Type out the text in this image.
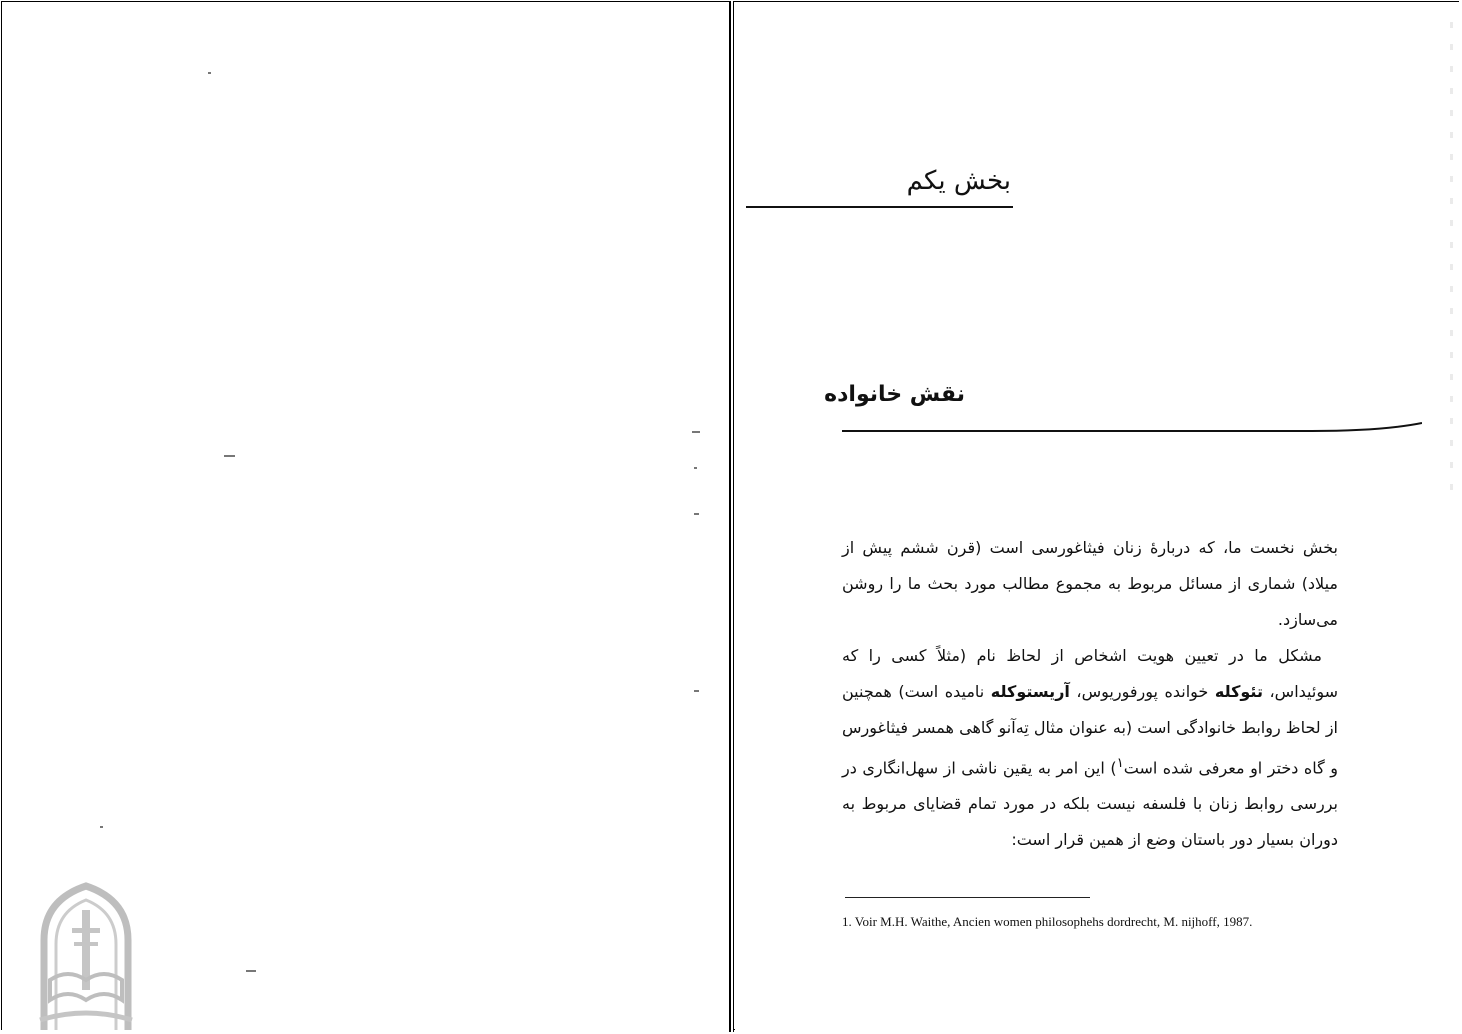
بخش یکم
نقش خانواده

بخش نخست ما، که دربارهٔ زنان فیثاغورسی است (قرن ششم پیش از میلاد) شماری از مسائل مربوط به مجموع مطالب مورد بحث ما را روشن می‌سازد.

مشکل ما در تعیین هویت اشخاص از لحاظ نام (مثلاً کسی را که سوئیداس، تئوکله خوانده پورفوریوس، آریستوکله نامیده است) همچنین از لحاظ روابط خانوادگی است (به عنوان مثال تِه‌آنو گاهی همسر فیثاغورس و گاه دختر او معرفی شده است$^۱$) این امر به یقین ناشی از سهل‌انگاری در بررسی روابط زنان با فلسفه نیست بلکه در مورد تمام قضایای مربوط به دوران بسیار دور باستان وضع از همین قرار است:

1. Voir M.H. Waithe, Ancien women philosophehs dordrecht, M. nijhoff, 1987.
